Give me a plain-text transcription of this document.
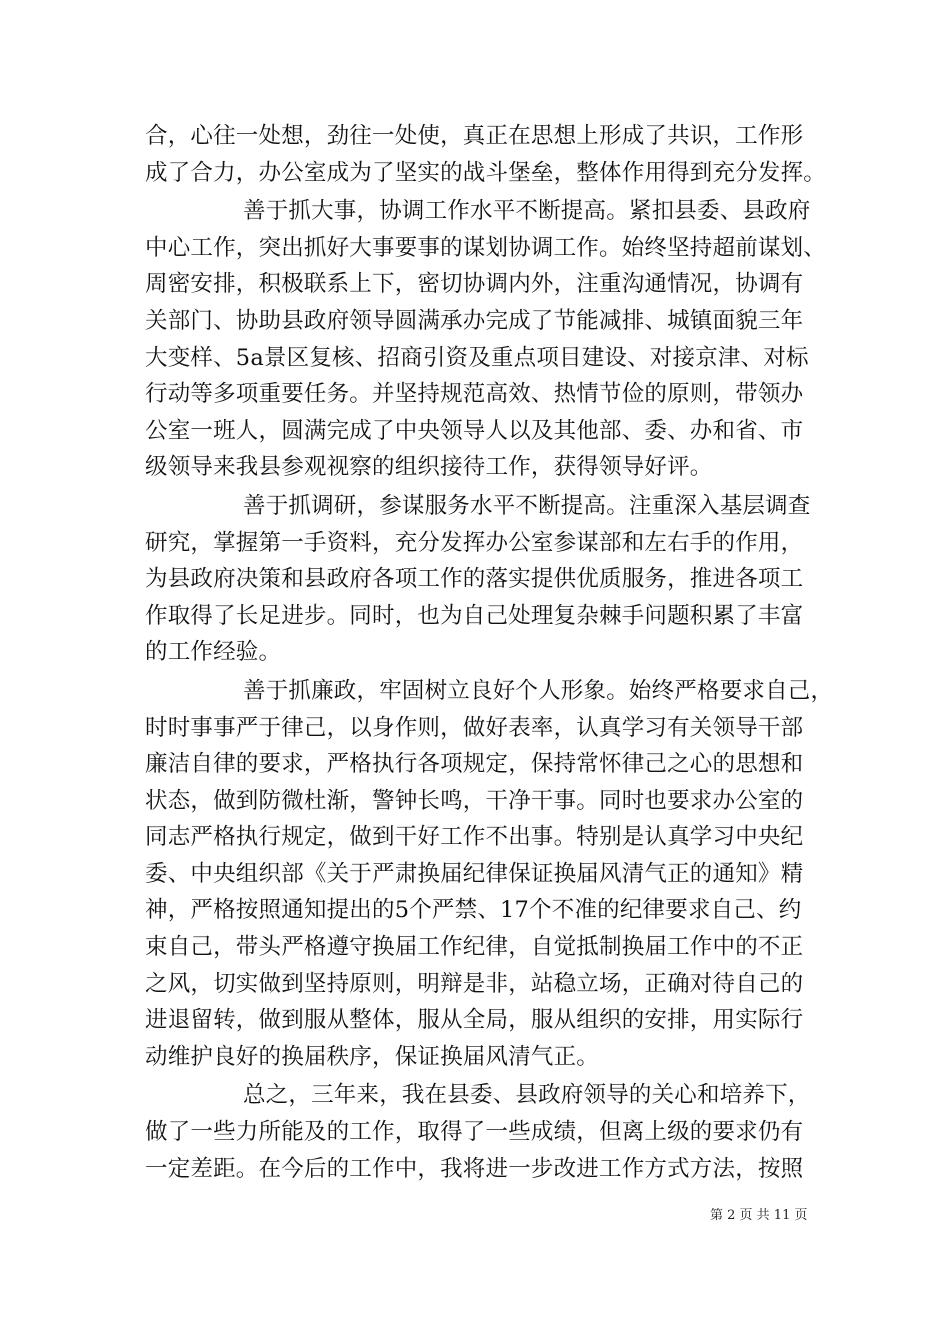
合，心往一处想，劲往一处使，真正在思想上形成了共识，工作形
成了合力，办公室成为了坚实的战斗堡垒，整体作用得到充分发挥。
善于抓大事，协调工作水平不断提高。紧扣县委、县政府
中心工作，突出抓好大事要事的谋划协调工作。始终坚持超前谋划、
周密安排，积极联系上下，密切协调内外，注重沟通情况，协调有
关部门、协助县政府领导圆满承办完成了节能减排、城镇面貌三年
大变样、5a景区复核、招商引资及重点项目建设、对接京津、对标
行动等多项重要任务。并坚持规范高效、热情节俭的原则，带领办
公室一班人，圆满完成了中央领导人以及其他部、委、办和省、市
级领导来我县参观视察的组织接待工作，获得领导好评。
善于抓调研，参谋服务水平不断提高。注重深入基层调查
研究，掌握第一手资料，充分发挥办公室参谋部和左右手的作用，
为县政府决策和县政府各项工作的落实提供优质服务，推进各项工
作取得了长足进步。同时，也为自己处理复杂棘手问题积累了丰富
的工作经验。
善于抓廉政，牢固树立良好个人形象。始终严格要求自己，
时时事事严于律己，以身作则，做好表率，认真学习有关领导干部
廉洁自律的要求，严格执行各项规定，保持常怀律己之心的思想和
状态，做到防微杜渐，警钟长鸣，干净干事。同时也要求办公室的
同志严格执行规定，做到干好工作不出事。特别是认真学习中央纪
委、中央组织部《关于严肃换届纪律保证换届风清气正的通知》精
神，严格按照通知提出的5个严禁、17个不准的纪律要求自己、约
束自己，带头严格遵守换届工作纪律，自觉抵制换届工作中的不正
之风，切实做到坚持原则，明辩是非，站稳立场，正确对待自己的
进退留转，做到服从整体，服从全局，服从组织的安排，用实际行
动维护良好的换届秩序，保证换届风清气正。
总之，三年来，我在县委、县政府领导的关心和培养下，
做了一些力所能及的工作，取得了一些成绩，但离上级的要求仍有
一定差距。在今后的工作中，我将进一步改进工作方式方法，按照
第 2 页 共 11 页
